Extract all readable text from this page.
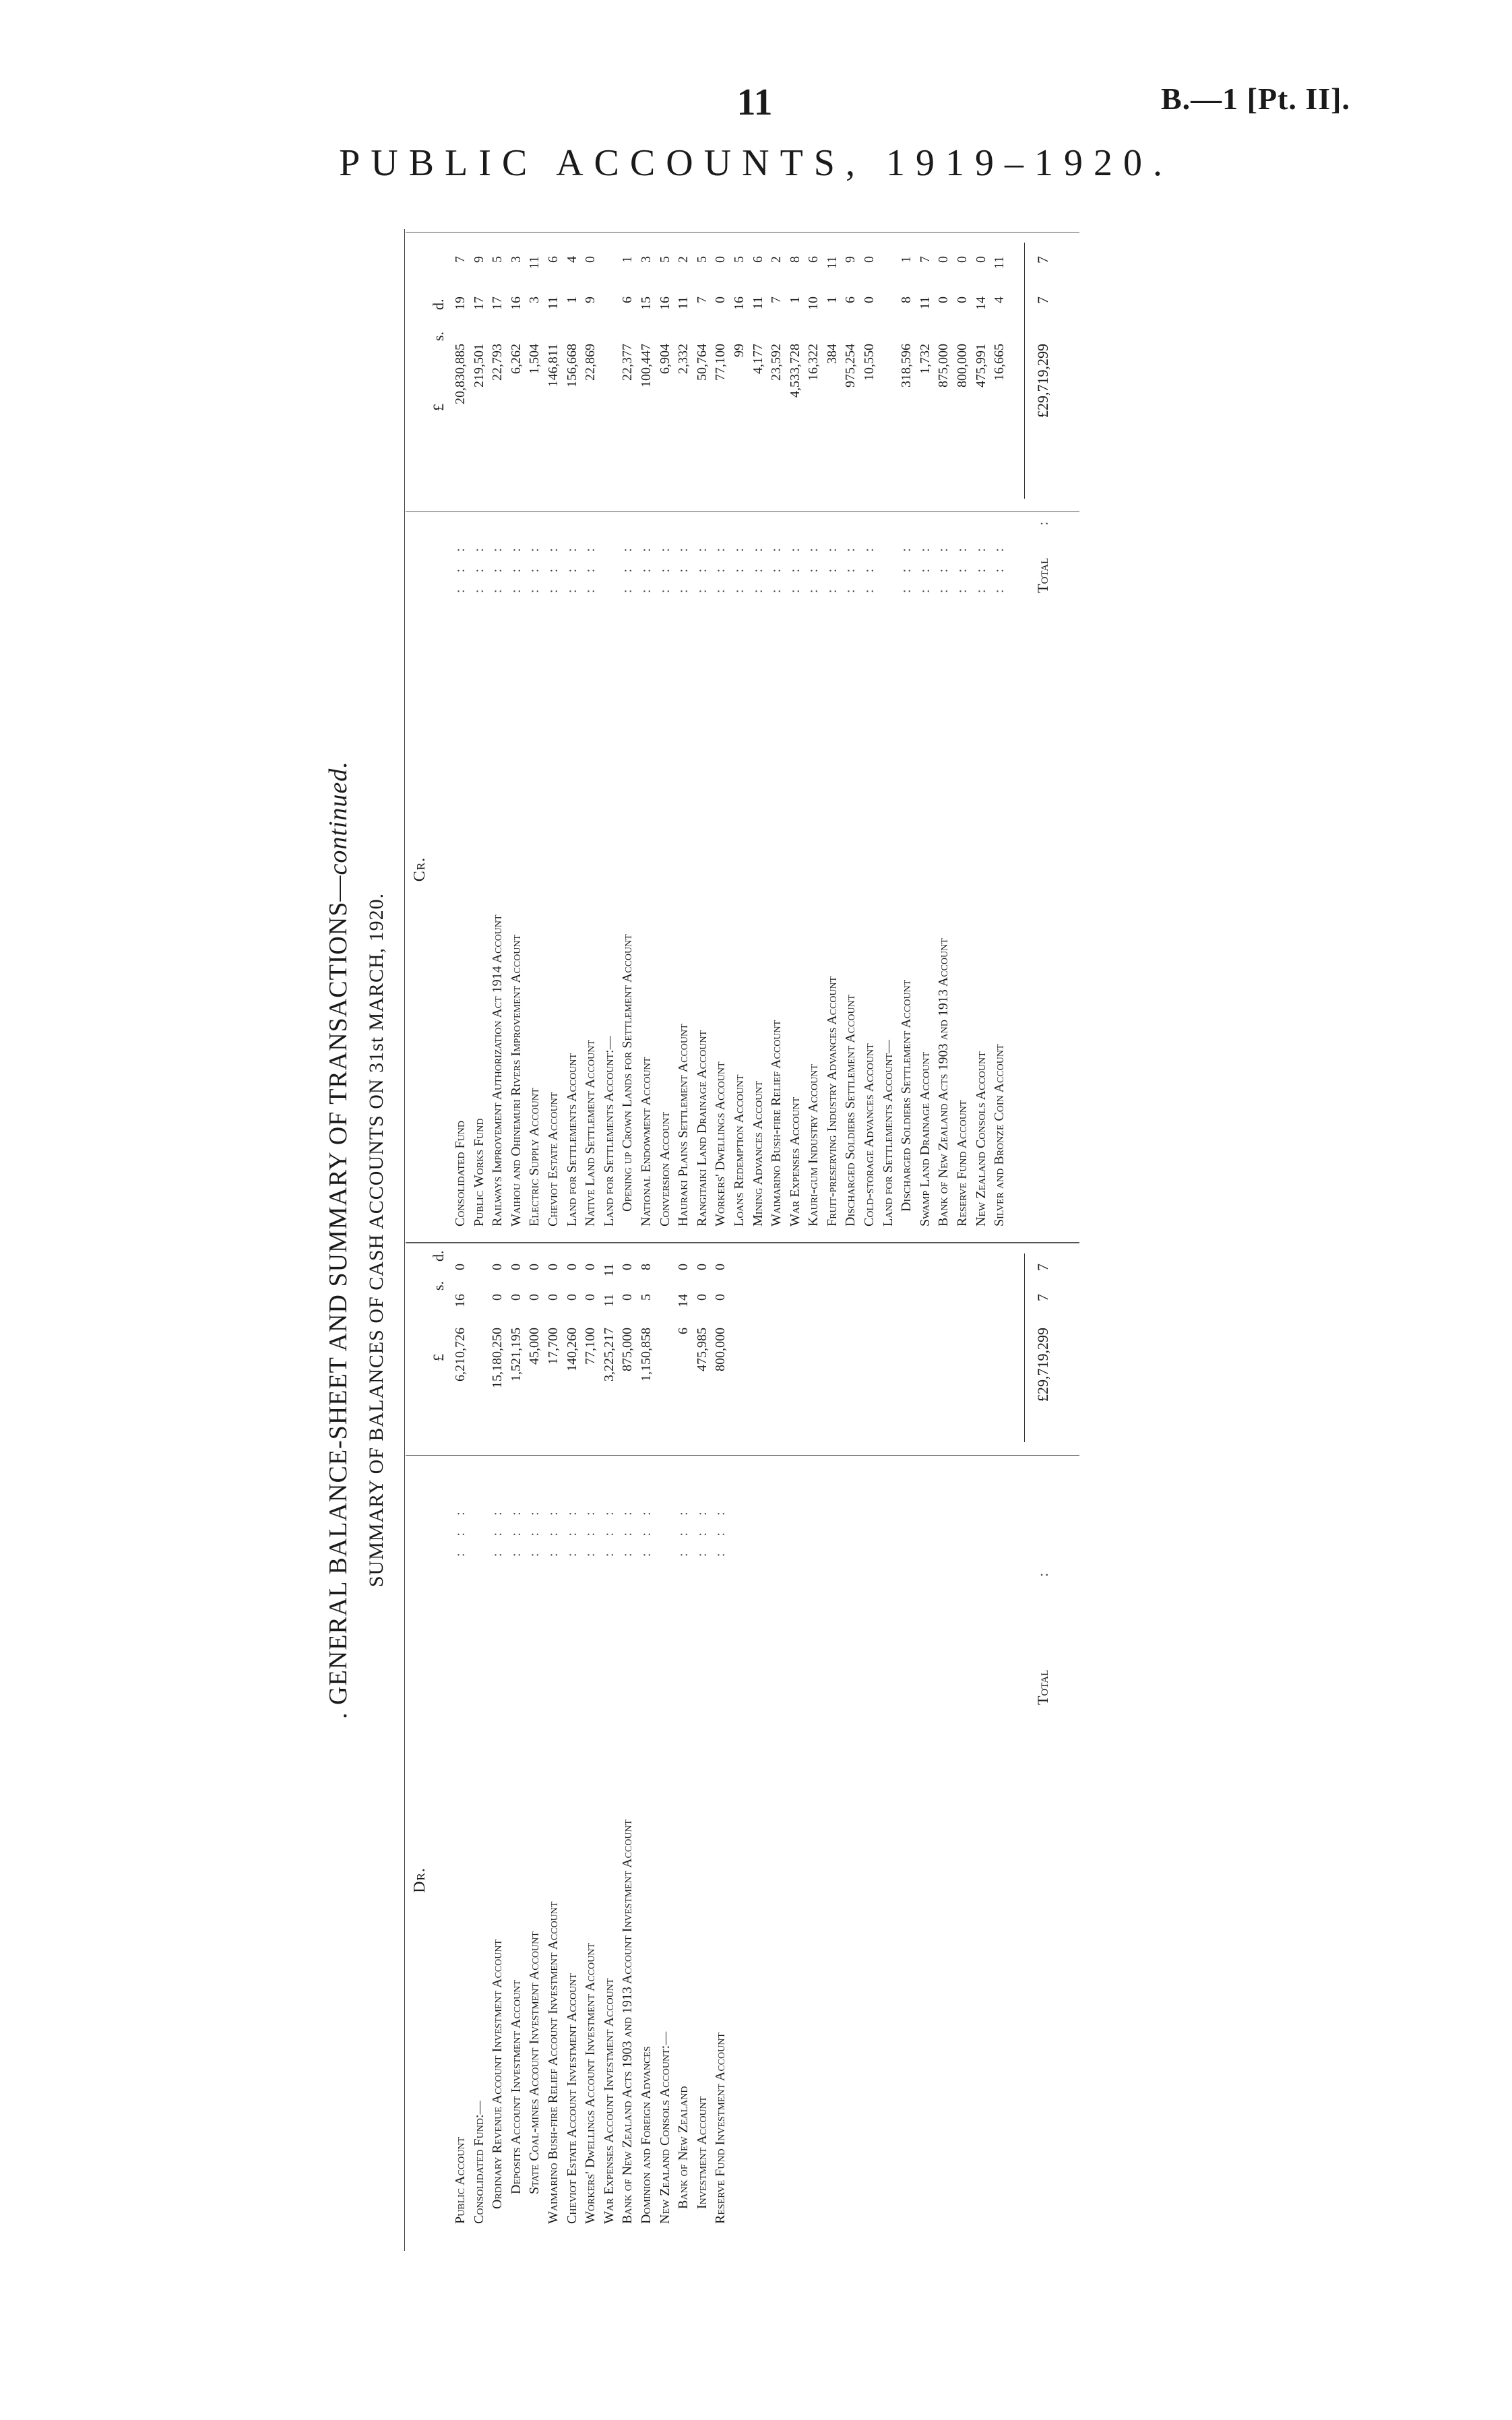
11	B.—1 [Pt. II].
PUBLIC ACCOUNTS, 1919–1920.
. GENERAL BALANCE-SHEET AND SUMMARY OF TRANSACTIONS—continued.
SUMMARY OF BALANCES OF CASH ACCOUNTS ON 31st MARCH, 1920.
Dr.
£
s.
d.
Cr.
£
s.
d.
Public Account
: : :
6,210,726
16
0
Consolidated Fund:— Ordinary Revenue Account Investment Account
: : :
15,180,250
0
0
Deposits Account Investment Account
: : :
1,521,195
0
0
State Coal-mines Account Investment Account
: : :
45,000
0
0
Waimarino Bush-fire Relief Account Investment Account
: : :
17,700
0
0
Cheviot Estate Account Investment Account
: : :
140,260
0
0
Workers' Dwellings Account Investment Account
: : :
77,100
0
0
War Expenses Account Investment Account
: : :
3,225,217
11
11
Bank of New Zealand Acts 1903 and 1913 Account Investment Account
: : :
875,000
0
0
Dominion and Foreign Advances
: : :
1,150,858
5
8
New Zealand Consols Account:— Bank of New Zealand
: : :
6
14
0
Investment Account
: : :
475,985
0
0
Reserve Fund Investment Account
: : :
800,000
0
0
Consolidated Fund
: : :
20,830,885
19
7
Public Works Fund
: : :
219,501
17
9
Railways Improvement Authorization Act 1914 Account
: : :
22,793
17
5
Waihou and Ohinemuri Rivers Improvement Account
: : :
6,262
16
3
Electric Supply Account
: : :
1,504
3
11
Cheviot Estate Account
: : :
146,811
11
6
Land for Settlements Account
: : :
156,668
1
4
Native Land Settlement Account
: : :
22,869
9
0
Land for Settlements Account:— Opening up Crown Lands for Settlement Account
: : :
22,377
6
1
National Endowment Account
: : :
100,447
15
3
Conversion Account
: : :
6,904
16
5
Hauraki Plains Settlement Account
: : :
2,332
11
2
Rangitaiki Land Drainage Account
: : :
50,764
7
5
Workers' Dwellings Account
: : :
77,100
0
0
Loans Redemption Account
: : :
99
16
5
Mining Advances Account
: : :
4,177
11
6
Waimarino Bush-fire Relief Account
: : :
23,592
7
2
War Expenses Account
: : :
4,533,728
1
8
Kauri-gum Industry Account
: : :
16,322
10
6
Fruit-preserving Industry Advances Account
: : :
384
1
11
Discharged Soldiers Settlement Account
: : :
975,254
6
9
Cold-storage Advances Account
: : :
10,550
0
0
Land for Settlements Account— Discharged Soldiers Settlement Account
: : :
318,596
8
1
Swamp Land Drainage Account
: : :
1,732
11
7
Bank of New Zealand Acts 1903 and 1913 Account
: : :
875,000
0
0
Reserve Fund Account
: : :
800,000
0
0
New Zealand Consols Account
: : :
475,991
14
0
Silver and Bronze Coin Account
: : :
16,665
4
11
Total
:
£29,719,299
7
7
Total
:
£29,719,299
7
7
